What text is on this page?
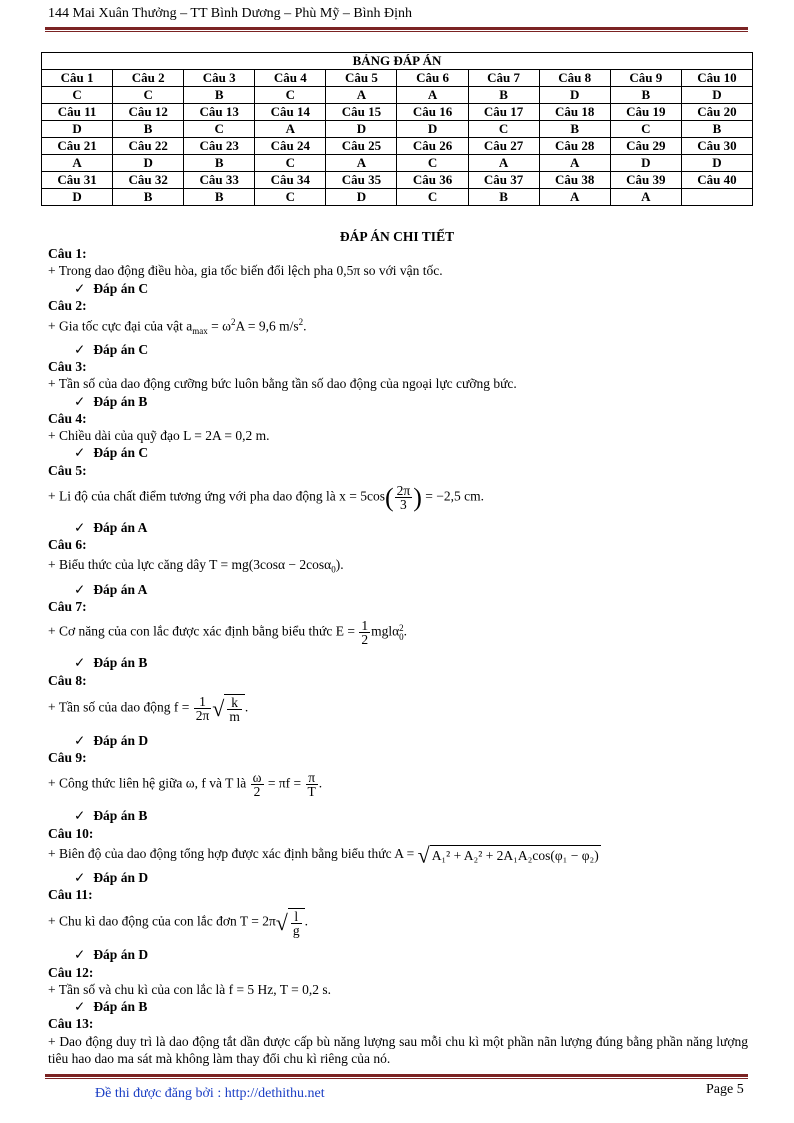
144 Mai Xuân Thưởng – TT Bình Dương – Phù Mỹ – Bình Định
BẢNG ĐÁP ÁN									
Câu 1	Câu 2	Câu 3	Câu 4	Câu 5	Câu 6	Câu 7	Câu 8	Câu 9	Câu 10
C	C	B	C	A	A	B	D	B	D
Câu 11	Câu 12	Câu 13	Câu 14	Câu 15	Câu 16	Câu 17	Câu 18	Câu 19	Câu 20
D	B	C	A	D	D	C	B	C	B
Câu 21	Câu 22	Câu 23	Câu 24	Câu 25	Câu 26	Câu 27	Câu 28	Câu 29	Câu 30
A	D	B	C	A	C	A	A	D	D
Câu 31	Câu 32	Câu 33	Câu 34	Câu 35	Câu 36	Câu 37	Câu 38	Câu 39	Câu 40
D	B	B	C	D	C	B	A	A	
ĐÁP ÁN CHI TIẾT
Câu 1:

+ Trong dao động điều hòa, gia tốc biến đổi lệch pha 0,5π so với vận tốc.

✓ Đáp án C

Câu 2:

+ Gia tốc cực đại của vật $a_{max} = \omega^2A = 9,6$ $m/s^2$.

✓ Đáp án C

Câu 3:

+ Tần số của dao động cưỡng bức luôn bằng tần số dao động của ngoại lực cưỡng bức.

✓ Đáp án B

Câu 4:

+ Chiều dài của quỹ đạo L = 2A = 0,2 m.

✓ Đáp án C

Câu 5:

+ Li độ của chất điểm tương ứng với pha dao động là $x = 5\cos( \frac{2\pi}{3}$ ) = −2,5 cm.

✓ Đáp án A

Câu 6:

+ Biểu thức của lực căng dây T = mg(3cosα − 2cosα$_0$).

✓ Đáp án A

Câu 7:

+ Cơ năng của con lắc được xác định bằng biểu thức $E = \frac{1}{2}$ mglα 2
0 .

✓ Đáp án B

Câu 8:

+ Tần số của dao động $f = \frac{1}{2\pi}$ √ $\frac{k}{m}$ .

✓ Đáp án D

Câu 9:

+ Công thức liên hệ giữa ω, f và T là $\frac{\omega}{2} = \pi f = \frac{\pi}{T}$ .

✓ Đáp án B

Câu 10:

+ Biên độ của dao động tổng hợp được xác định bằng biểu thức A = √ A₁² + A₂² + 2A₁A₂cos(φ₁ − φ₂)

✓ Đáp án D

Câu 11:

+ Chu kì dao động của con lắc đơn $T = 2\pi√ \frac{l}{g}$ .

✓ Đáp án D

Câu 12:

+ Tần số và chu kì của con lắc là f = 5 Hz, T = 0,2 s.

✓ Đáp án B

Câu 13:

+ Dao động duy trì là dao động tắt dần được cấp bù năng lượng sau mỗi chu kì một phần nãn lượng đúng bằng phần năng lượng tiêu hao dao ma sát mà không làm thay đổi chu kì riêng của nó.

Đề thi được đăng bởi : http://dethithu.net	Page 5
